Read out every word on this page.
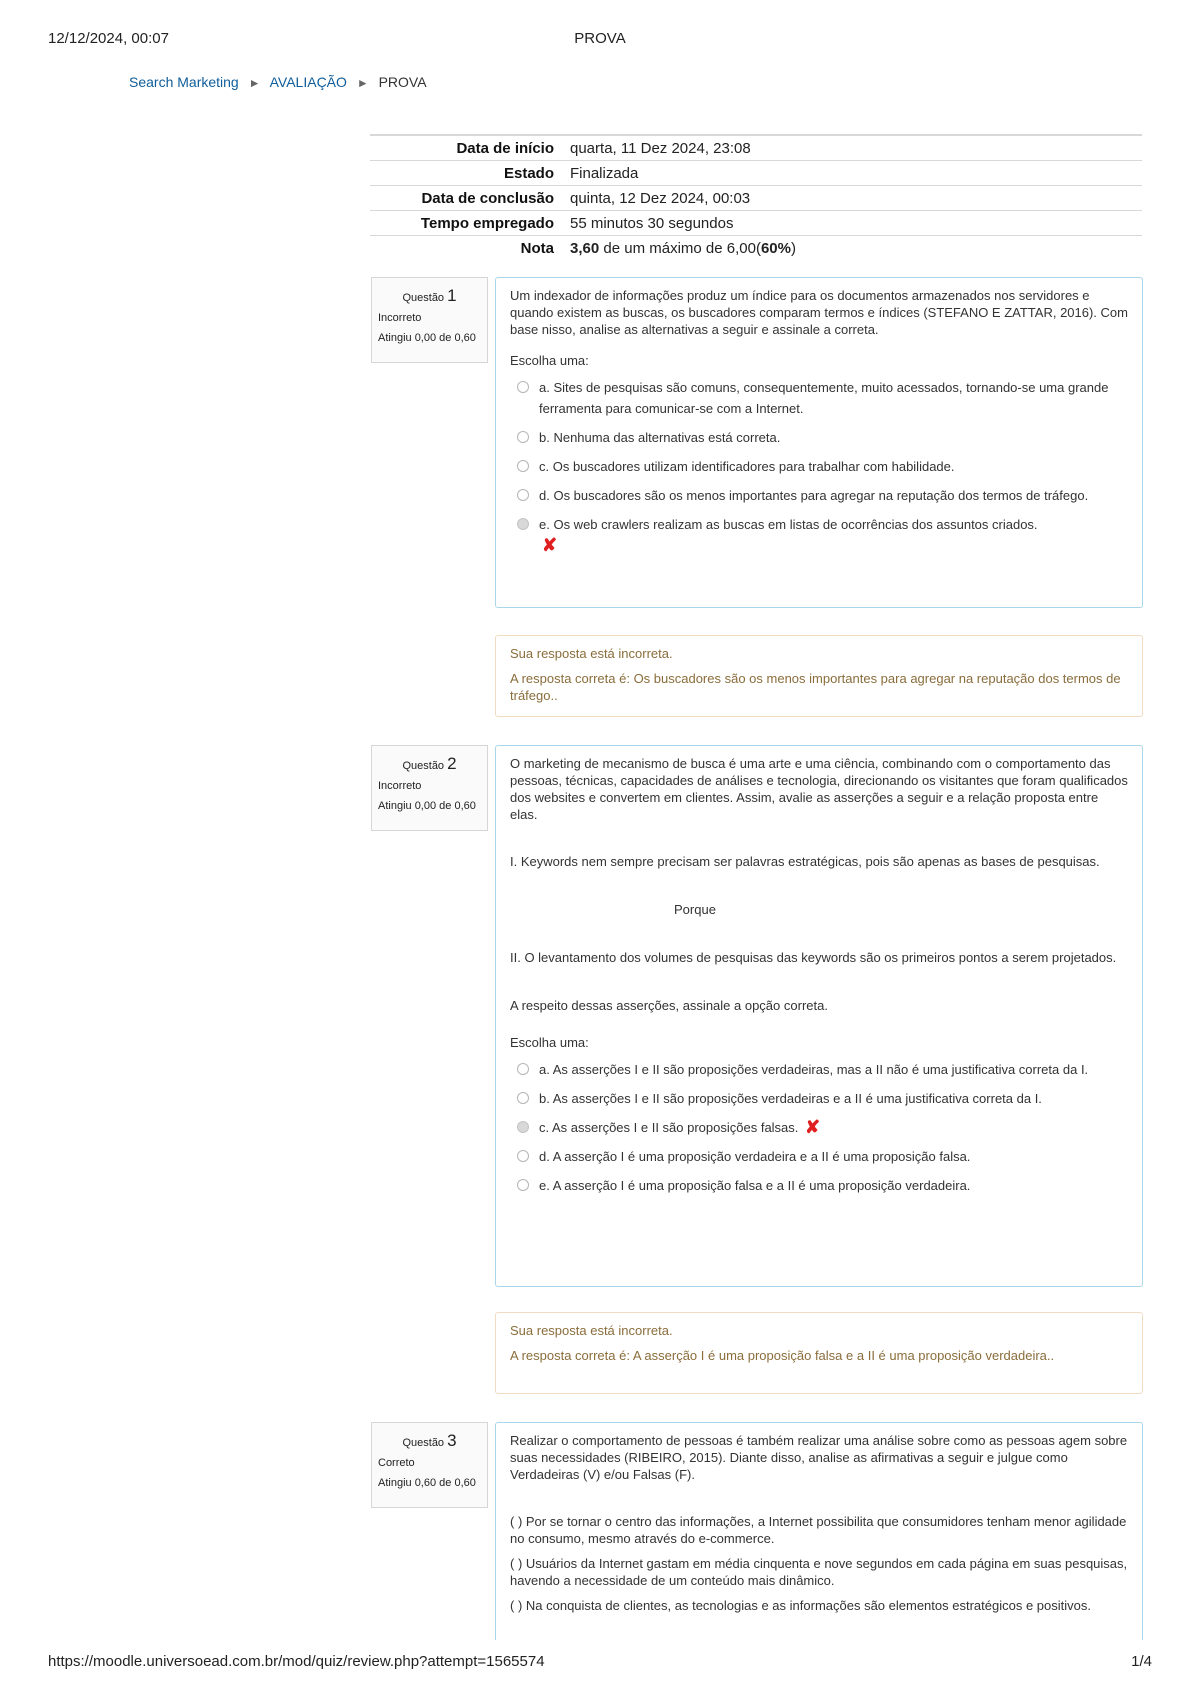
12/12/2024, 00:07	PROVA
Search Marketing ► AVALIAÇÃO ► PROVA
Data de início	quarta, 11 Dez 2024, 23:08
Estado	Finalizada
Data de conclusão	quinta, 12 Dez 2024, 00:03
Tempo empregado	55 minutos 30 segundos
Nota	3,60 de um máximo de 6,00(60%)
Questão 1
Incorreto
Atingiu 0,00 de 0,60

Um indexador de informações produz um índice para os documentos armazenados nos servidores e quando existem as buscas, os buscadores comparam termos e índices (STEFANO E ZATTAR, 2016). Com base nisso, analise as alternativas a seguir e assinale a correta.

Escolha uma:
a. Sites de pesquisas são comuns, consequentemente, muito acessados, tornando-se uma grande ferramenta para comunicar-se com a Internet.
b. Nenhuma das alternativas está correta.
c. Os buscadores utilizam identificadores para trabalhar com habilidade.
d. Os buscadores são os menos importantes para agregar na reputação dos termos de tráfego.
e. Os web crawlers realizam as buscas em listas de ocorrências dos assuntos criados.
✘

Sua resposta está incorreta.

A resposta correta é: Os buscadores são os menos importantes para agregar na reputação dos termos de tráfego..

Questão 2
Incorreto
Atingiu 0,00 de 0,60

O marketing de mecanismo de busca é uma arte e uma ciência, combinando com o comportamento das pessoas, técnicas, capacidades de análises e tecnologia, direcionando os visitantes que foram qualificados dos websites e convertem em clientes. Assim, avalie as asserções a seguir e a relação proposta entre elas.

I. Keywords nem sempre precisam ser palavras estratégicas, pois são apenas as bases de pesquisas.

Porque

II. O levantamento dos volumes de pesquisas das keywords são os primeiros pontos a serem projetados.

A respeito dessas asserções, assinale a opção correta.

Escolha uma:
a. As asserções I e II são proposições verdadeiras, mas a II não é uma justificativa correta da I.
b. As asserções I e II são proposições verdadeiras e a II é uma justificativa correta da I.
c. As asserções I e II são proposições falsas. ✘
d. A asserção I é uma proposição verdadeira e a II é uma proposição falsa.
e. A asserção I é uma proposição falsa e a II é uma proposição verdadeira.

Sua resposta está incorreta.

A resposta correta é: A asserção I é uma proposição falsa e a II é uma proposição verdadeira..

Questão 3
Correto
Atingiu 0,60 de 0,60

Realizar o comportamento de pessoas é também realizar uma análise sobre como as pessoas agem sobre suas necessidades (RIBEIRO, 2015). Diante disso, analise as afirmativas a seguir e julgue como Verdadeiras (V) e/ou Falsas (F).

( ) Por se tornar o centro das informações, a Internet possibilita que consumidores tenham menor agilidade no consumo, mesmo através do e-commerce.

( ) Usuários da Internet gastam em média cinquenta e nove segundos em cada página em suas pesquisas, havendo a necessidade de um conteúdo mais dinâmico.

( ) Na conquista de clientes, as tecnologias e as informações são elementos estratégicos e positivos.

https://moodle.universoead.com.br/mod/quiz/review.php?attempt=1565574	1/4
